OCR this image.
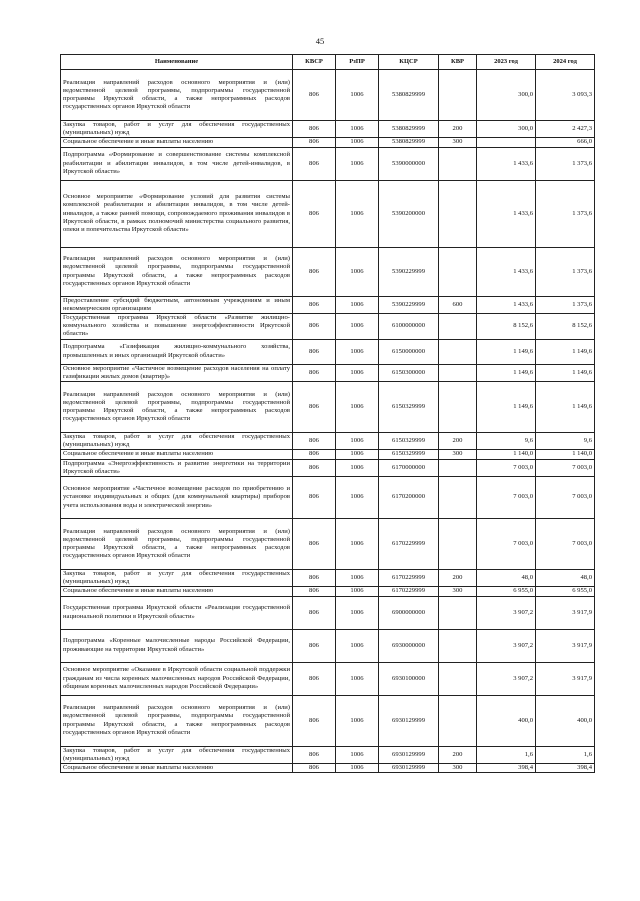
45
Наименование	КВСР	РзПР	КЦСР	КВР	2023 год	2024 год
Реализация направлений расходов основного мероприятия и (или) ведомственной целевой программы, подпрограммы государственной программы Иркутской области, а также непрограммных расходов государственных органов Иркутской области	806	1006	5380829999		300,0	3 093,3
Закупка товаров, работ и услуг для обеспечения государственных (муниципальных) нужд	806	1006	5380829999	200	300,0	2 427,3
Социальное обеспечение и иные выплаты населению	806	1006	5380829999	300		666,0
Подпрограмма «Формирование и совершенствование системы комплексной реабилитации и абилитации инвалидов, в том числе детей-инвалидов, в Иркутской области»	806	1006	5390000000		1 433,6	1 373,6
Основное мероприятие «Формирование условий для развития системы комплексной реабилитации и абилитации инвалидов, в том числе детей-инвалидов, а также ранней помощи, сопровождаемого проживания инвалидов в Иркутской области, в рамках полномочий министерства социального развития, опеки и попечительства Иркутской области»	806	1006	5390200000		1 433,6	1 373,6
Реализация направлений расходов основного мероприятия и (или) ведомственной целевой программы, подпрограммы государственной программы Иркутской области, а также непрограммных расходов государственных органов Иркутской области	806	1006	5390229999		1 433,6	1 373,6
Предоставление субсидий бюджетным, автономным учреждениям и иным некоммерческим организациям	806	1006	5390229999	600	1 433,6	1 373,6
Государственная программа Иркутской области «Развитие жилищно-коммунального хозяйства и повышение энергоэффективности Иркутской области»	806	1006	6100000000		8 152,6	8 152,6
Подпрограмма «Газификация жилищно-коммунального хозяйства, промышленных и иных организаций Иркутской области»	806	1006	6150000000		1 149,6	1 149,6
Основное мероприятие «Частичное возмещение расходов населения на оплату газификации жилых домов (квартир)»	806	1006	6150300000		1 149,6	1 149,6
Реализация направлений расходов основного мероприятия и (или) ведомственной целевой программы, подпрограммы государственной программы Иркутской области, а также непрограммных расходов государственных органов Иркутской области	806	1006	6150329999		1 149,6	1 149,6
Закупка товаров, работ и услуг для обеспечения государственных (муниципальных) нужд	806	1006	6150329999	200	9,6	9,6
Социальное обеспечение и иные выплаты населению	806	1006	6150329999	300	1 140,0	1 140,0
Подпрограмма «Энергоэффективность и развитие энергетики на территории Иркутской области»	806	1006	6170000000		7 003,0	7 003,0
Основное мероприятие «Частичное возмещение расходов по приобретению и установке индивидуальных и общих (для коммунальной квартиры) приборов учета использования воды и электрической энергии»	806	1006	6170200000		7 003,0	7 003,0
Реализация направлений расходов основного мероприятия и (или) ведомственной целевой программы, подпрограммы государственной программы Иркутской области, а также непрограммных расходов государственных органов Иркутской области	806	1006	6170229999		7 003,0	7 003,0
Закупка товаров, работ и услуг для обеспечения государственных (муниципальных) нужд	806	1006	6170229999	200	48,0	48,0
Социальное обеспечение и иные выплаты населению	806	1006	6170229999	300	6 955,0	6 955,0
Государственная программа Иркутской области «Реализация государственной национальной политики в Иркутской области»	806	1006	6900000000		3 907,2	3 917,9
Подпрограмма «Коренные малочисленные народы Российской Федерации, проживающие на территории Иркутской области»	806	1006	6930000000		3 907,2	3 917,9
Основное мероприятие «Оказание в Иркутской области социальной поддержки гражданам из числа коренных малочисленных народов Российской Федерации, общинам коренных малочисленных народов Российской Федерации»	806	1006	6930100000		3 907,2	3 917,9
Реализация направлений расходов основного мероприятия и (или) ведомственной целевой программы, подпрограммы государственной программы Иркутской области, а также непрограммных расходов государственных органов Иркутской области	806	1006	6930129999		400,0	400,0
Закупка товаров, работ и услуг для обеспечения государственных (муниципальных) нужд	806	1006	6930129999	200	1,6	1,6
Социальное обеспечение и иные выплаты населению	806	1006	6930129999	300	398,4	398,4
